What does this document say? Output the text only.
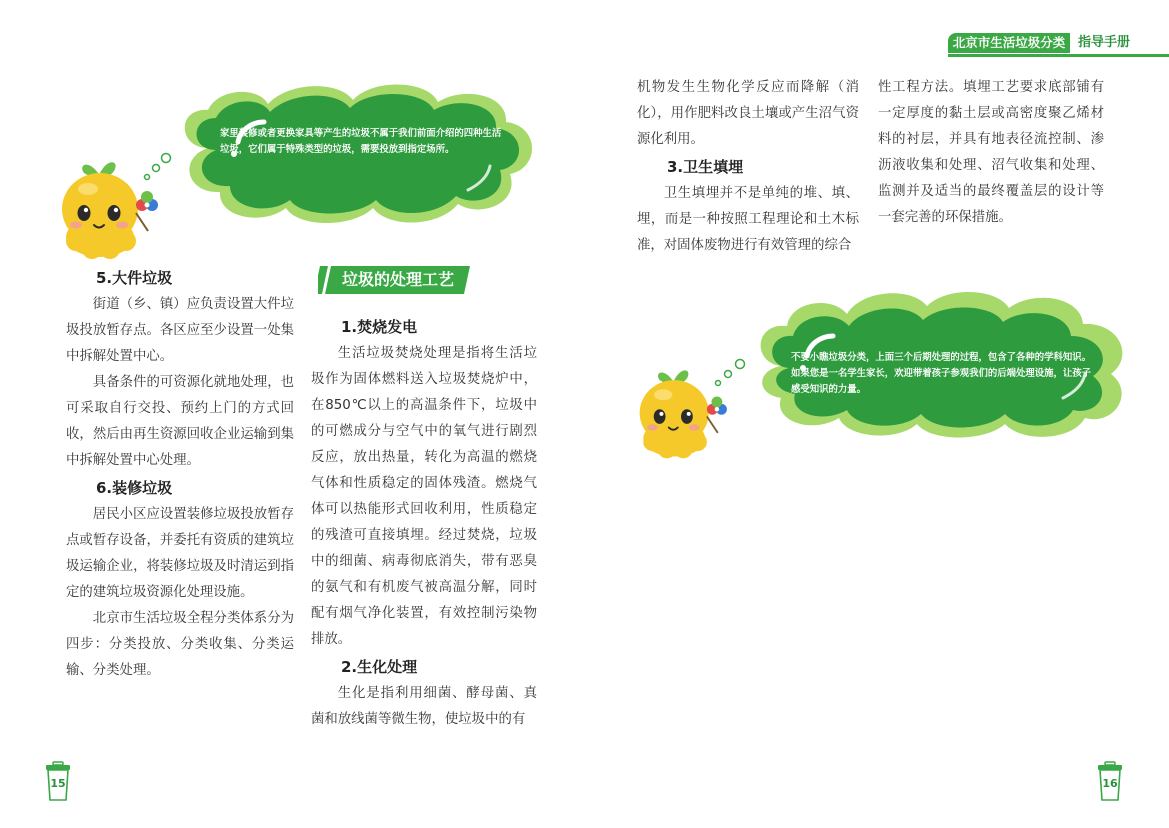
家里装修或者更换家具等产生的垃圾不属于我们前面介绍的四种生活垃圾，它们属于特殊类型的垃圾，需要投放到指定场所。
5.大件垃圾

街道（乡、镇）应负责设置大件垃圾投放暂存点。各区应至少设置一处集中拆解处置中心。

具备条件的可资源化就地处理，也可采取自行交投、预约上门的方式回收，然后由再生资源回收企业运输到集中拆解处置中心处理。

6.装修垃圾

居民小区应设置装修垃圾投放暂存点或暂存设备，并委托有资质的建筑垃圾运输企业，将装修垃圾及时清运到指定的建筑垃圾资源化处理设施。

北京市生活垃圾全程分类体系分为四步：分类投放、分类收集、分类运输、分类处理。

垃圾的处理工艺
1.焚烧发电

生活垃圾焚烧处理是指将生活垃圾作为固体燃料送入垃圾焚烧炉中，在850℃以上的高温条件下，垃圾中的可燃成分与空气中的氧气进行剧烈反应，放出热量，转化为高温的燃烧气体和性质稳定的固体残渣。燃烧气体可以热能形式回收利用，性质稳定的残渣可直接填埋。经过焚烧，垃圾中的细菌、病毒彻底消失，带有恶臭的氨气和有机废气被高温分解，同时配有烟气净化装置，有效控制污染物排放。

2.生化处理

生化是指利用细菌、酵母菌、真菌和放线菌等微生物，使垃圾中的有

15
北京市生活垃圾分类 指导手册

机物发生生物化学反应而降解（消化），用作肥料改良土壤或产生沼气资源化利用。

3.卫生填埋

卫生填埋并不是单纯的堆、填、埋，而是一种按照工程理论和土木标准，对固体废物进行有效管理的综合

性工程方法。填埋工艺要求底部铺有一定厚度的黏土层或高密度聚乙烯材料的衬层，并具有地表径流控制、渗沥液收集和处理、沼气收集和处理、监测并及适当的最终覆盖层的设计等一套完善的环保措施。

不要小瞧垃圾分类，上面三个后期处理的过程，包含了各种的学科知识。如果您是一名学生家长，欢迎带着孩子参观我们的后端处理设施，让孩子感受知识的力量。
16
